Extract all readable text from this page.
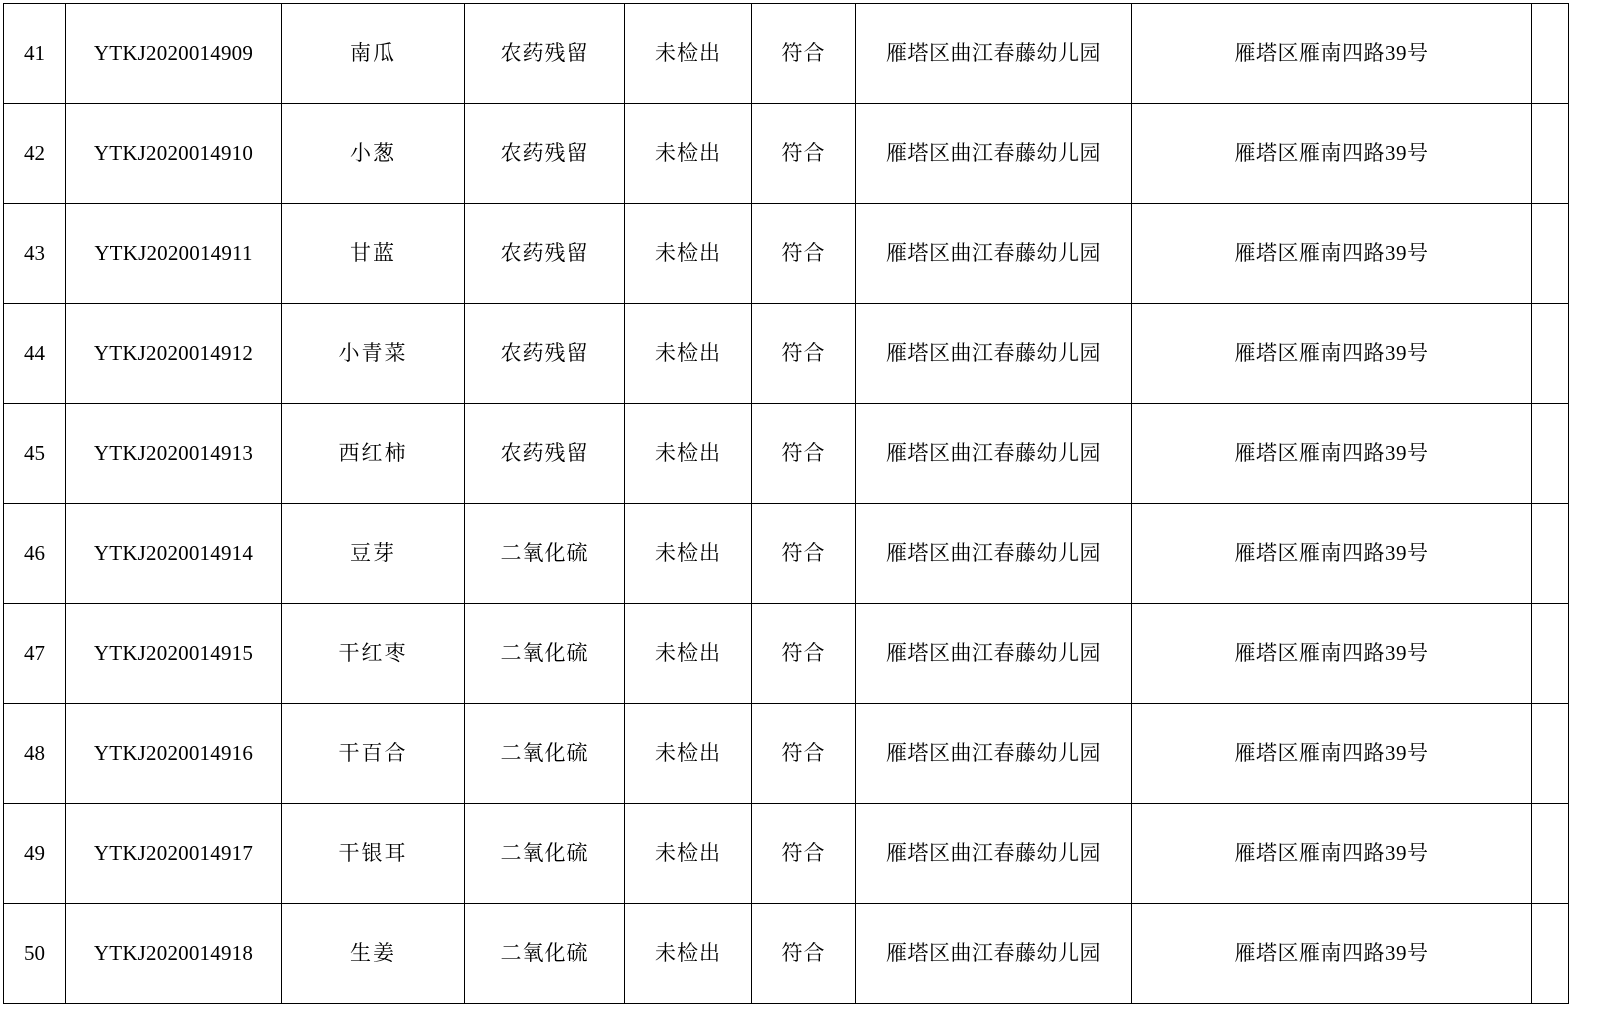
41	YTKJ2020014909	南瓜	农药残留	未检出	符合	雁塔区曲江春藤幼儿园	雁塔区雁南四路39号	
42	YTKJ2020014910	小葱	农药残留	未检出	符合	雁塔区曲江春藤幼儿园	雁塔区雁南四路39号	
43	YTKJ2020014911	甘蓝	农药残留	未检出	符合	雁塔区曲江春藤幼儿园	雁塔区雁南四路39号	
44	YTKJ2020014912	小青菜	农药残留	未检出	符合	雁塔区曲江春藤幼儿园	雁塔区雁南四路39号	
45	YTKJ2020014913	西红柿	农药残留	未检出	符合	雁塔区曲江春藤幼儿园	雁塔区雁南四路39号	
46	YTKJ2020014914	豆芽	二氧化硫	未检出	符合	雁塔区曲江春藤幼儿园	雁塔区雁南四路39号	
47	YTKJ2020014915	干红枣	二氧化硫	未检出	符合	雁塔区曲江春藤幼儿园	雁塔区雁南四路39号	
48	YTKJ2020014916	干百合	二氧化硫	未检出	符合	雁塔区曲江春藤幼儿园	雁塔区雁南四路39号	
49	YTKJ2020014917	干银耳	二氧化硫	未检出	符合	雁塔区曲江春藤幼儿园	雁塔区雁南四路39号	
50	YTKJ2020014918	生姜	二氧化硫	未检出	符合	雁塔区曲江春藤幼儿园	雁塔区雁南四路39号	
